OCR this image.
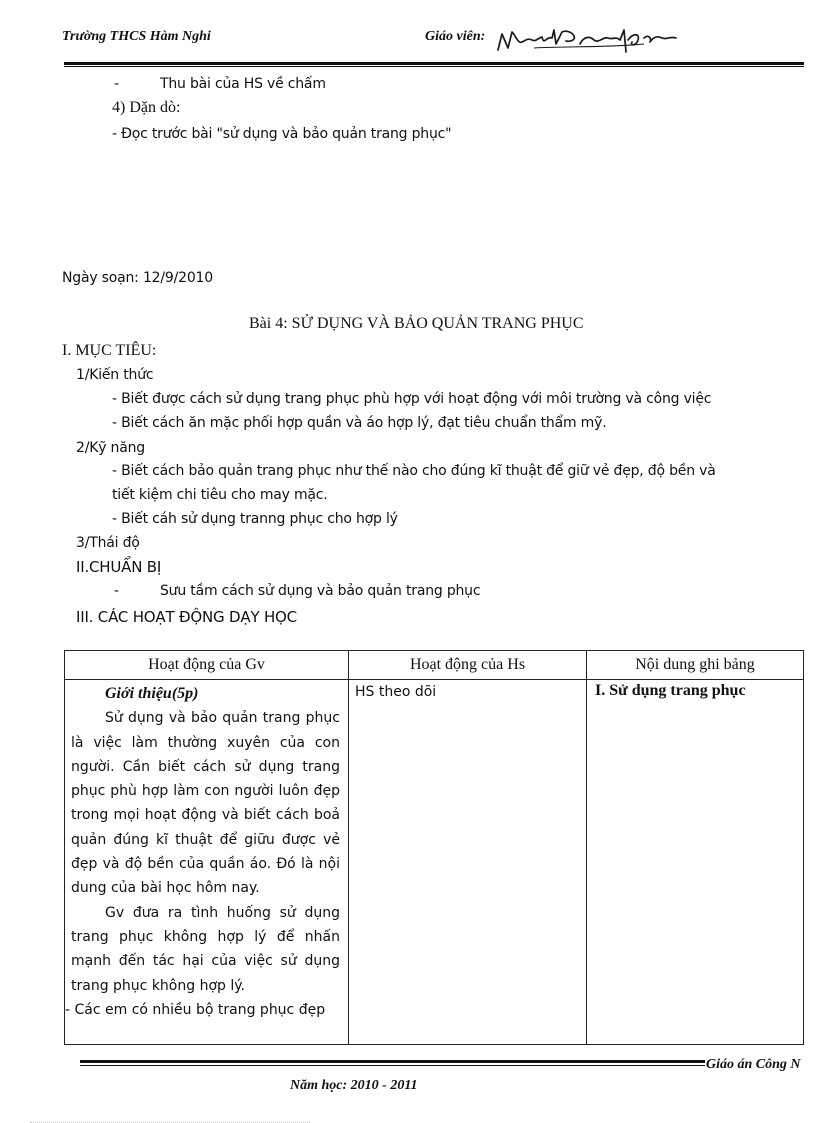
Trường THCS Hàm Nghi	Giáo viên:
-	Thu bài của HS về chấm
4) Dặn dò:
- Đọc trước bài "sử dụng và bảo quản trang phục"
Ngày soạn: 12/9/2010
Bài 4: SỬ DỤNG VÀ BẢO QUẢN TRANG PHỤC
I. MỤC TIÊU:
1/Kiến thức
- Biết được cách sử dụng trang phục phù hợp với hoạt động với môi trường và công việc
- Biết cách ăn mặc phối hợp quần và áo hợp lý, đạt tiêu chuẩn thẩm mỹ.
2/Kỹ năng
- Biết cách bảo quản trang phục như thế nào cho đúng kĩ thuật để giữ vẻ đẹp, độ bền và
tiết kiệm chi tiêu cho may mặc.
- Biết cáh sử dụng tranng phục cho hợp lý
3/Thái độ
II.CHUẨN BỊ
-	Sưu tầm cách sử dụng và bảo quản trang phục
III. CÁC HOẠT ĐỘNG DẠY HỌC
Hoạt động của Gv	Hoạt động của Hs	Nội dung ghi bảng

Giới thiệu(5p)

Sử dụng và bảo quản trang phục là việc làm thường xuyên của con người. Cần biết cách sử dụng trang phục phù hợp làm con người luôn đẹp trong mọi hoạt động và biết cách boả quản đúng kĩ thuật để giữu được vẻ đẹp và độ bền của quần áo. Đó là nội dung của bài học hôm nay.

Gv đưa ra tình huống sử dụng trang phục không hợp lý để nhấn mạnh đến tác hại của việc sử dụng trang phục không hợp lý.

- Các em có nhiều bộ trang phục đẹp	HS theo dõi	I. Sử dụng trang phục
Giáo án Công N
Năm học: 2010 - 2011
